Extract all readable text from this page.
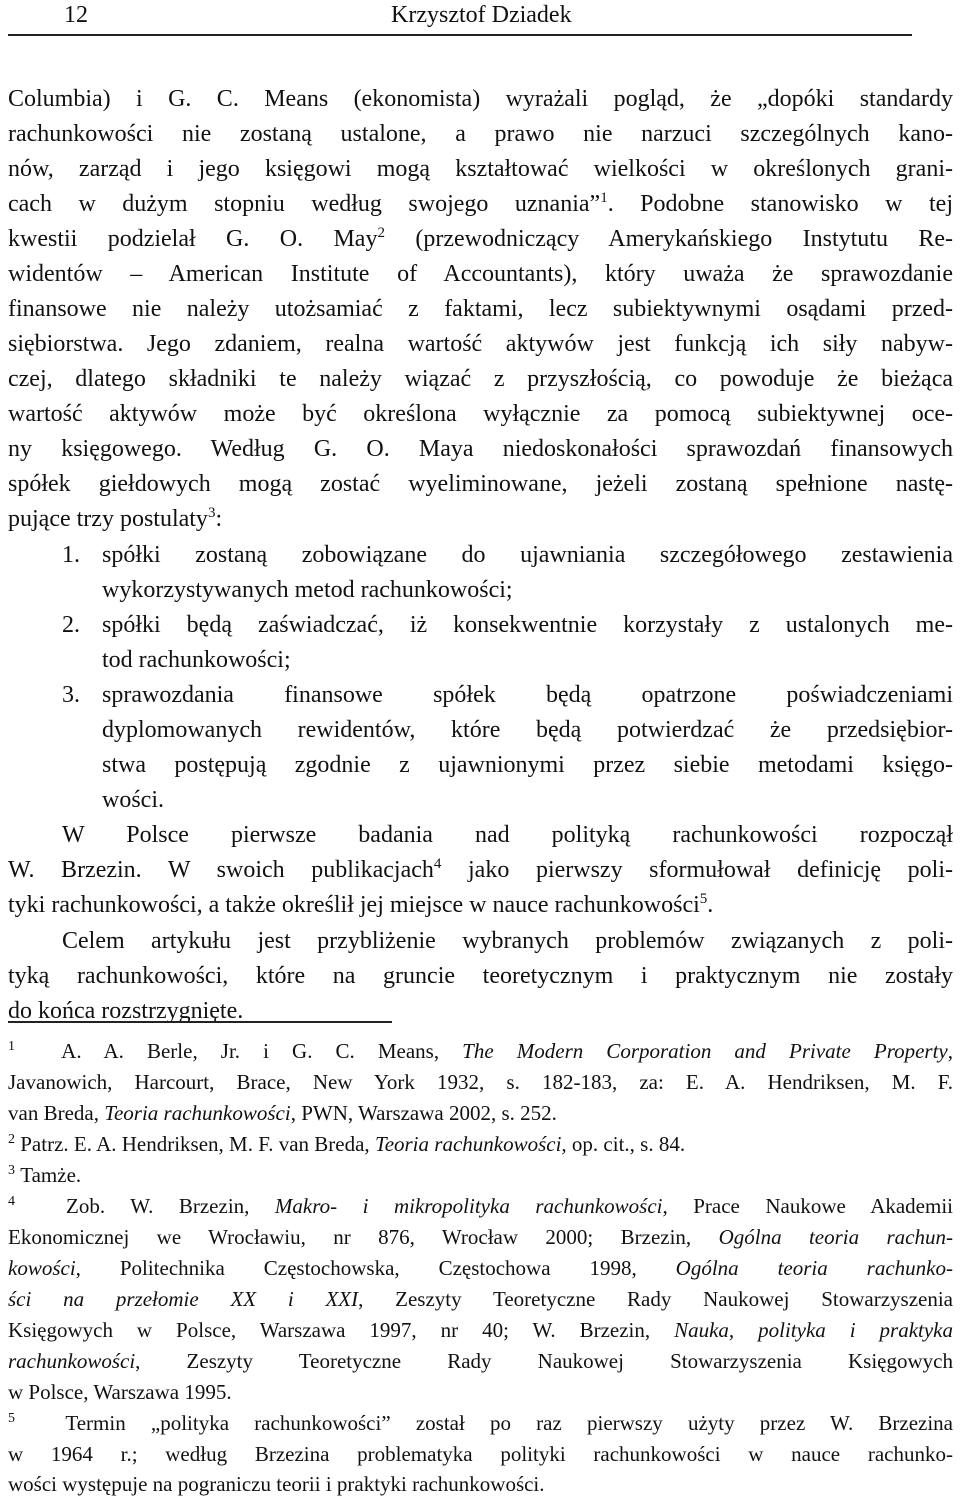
12	Krzysztof Dziadek
Columbia) i G. C. Means (ekonomista) wyrażali pogląd, że „dopóki standardy
rachunkowości nie zostaną ustalone, a prawo nie narzuci szczególnych kano-
nów, zarząd i jego księgowi mogą kształtować wielkości w określonych grani-
cach w dużym stopniu według swojego uznania”$^1$. Podobne stanowisko w tej
kwestii podzielał G. O. May$^2$ (przewodniczący Amerykańskiego Instytutu Re-
widentów – American Institute of Accountants), który uważa że sprawozdanie
finansowe nie należy utożsamiać z faktami, lecz subiektywnymi osądami przed-
siębiorstwa. Jego zdaniem, realna wartość aktywów jest funkcją ich siły nabyw-
czej, dlatego składniki te należy wiązać z przyszłością, co powoduje że bieżąca
wartość aktywów może być określona wyłącznie za pomocą subiektywnej oce-
ny księgowego. Według G. O. Maya niedoskonałości sprawozdań finansowych
spółek giełdowych mogą zostać wyeliminowane, jeżeli zostaną spełnione nastę-
pujące trzy postulaty$^3$:
1. spółki zostaną zobowiązane do ujawniania szczegółowego zestawienia
wykorzystywanych metod rachunkowości;
2. spółki będą zaświadczać, iż konsekwentnie korzystały z ustalonych me-
tod rachunkowości;
3. sprawozdania finansowe spółek będą opatrzone poświadczeniami
dyplomowanych rewidentów, które będą potwierdzać że przedsiębior-
stwa postępują zgodnie z ujawnionymi przez siebie metodami księgo-
wości.
W Polsce pierwsze badania nad polityką rachunkowości rozpoczął
W. Brzezin. W swoich publikacjach$^4$ jako pierwszy sformułował definicję poli-
tyki rachunkowości, a także określił jej miejsce w nauce rachunkowości$^5$.
Celem artykułu jest przybliżenie wybranych problemów związanych z poli-
tyką rachunkowości, które na gruncie teoretycznym i praktycznym nie zostały
do końca rozstrzygnięte.
$^1$ A. A. Berle, Jr. i G. C. Means, The Modern Corporation and Private Property,
Javanowich, Harcourt, Brace, New York 1932, s. 182-183, za: E. A. Hendriksen, M. F.
van Breda, Teoria rachunkowości, PWN, Warszawa 2002, s. 252.
$^2$ Patrz. E. A. Hendriksen, M. F. van Breda, Teoria rachunkowości, op. cit., s. 84.
$^3$ Tamże.
$^4$ Zob. W. Brzezin, Makro- i mikropolityka rachunkowości, Prace Naukowe Akademii
Ekonomicznej we Wrocławiu, nr 876, Wrocław 2000; Brzezin, Ogólna teoria rachun-
kowości, Politechnika Częstochowska, Częstochowa 1998, Ogólna teoria rachunko-
ści na przełomie XX i XXI, Zeszyty Teoretyczne Rady Naukowej Stowarzyszenia
Księgowych w Polsce, Warszawa 1997, nr 40; W. Brzezin, Nauka, polityka i praktyka
rachunkowości, Zeszyty Teoretyczne Rady Naukowej Stowarzyszenia Księgowych
w Polsce, Warszawa 1995.
$^5$ Termin „polityka rachunkowości” został po raz pierwszy użyty przez W. Brzezina
w 1964 r.; według Brzezina problematyka polityki rachunkowości w nauce rachunko-
wości występuje na pograniczu teorii i praktyki rachunkowości.
